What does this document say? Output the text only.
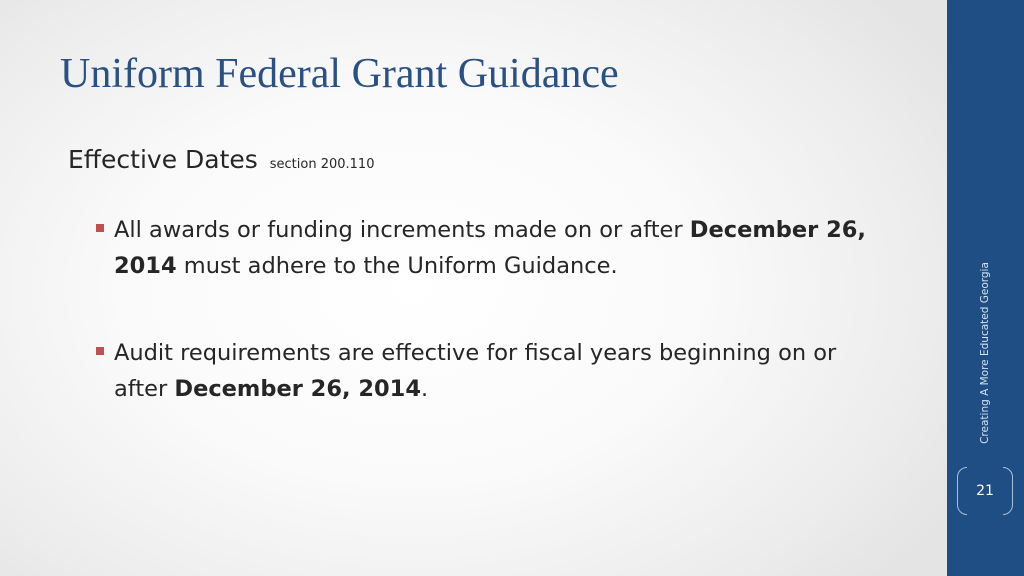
Uniform Federal Grant Guidance
Effective Dates section 200.110
All awards or funding increments made on or after December 26, 2014 must adhere to the Uniform Guidance.
Audit requirements are effective for fiscal years beginning on or after December 26, 2014.	Creating A More Educated Georgia
21
